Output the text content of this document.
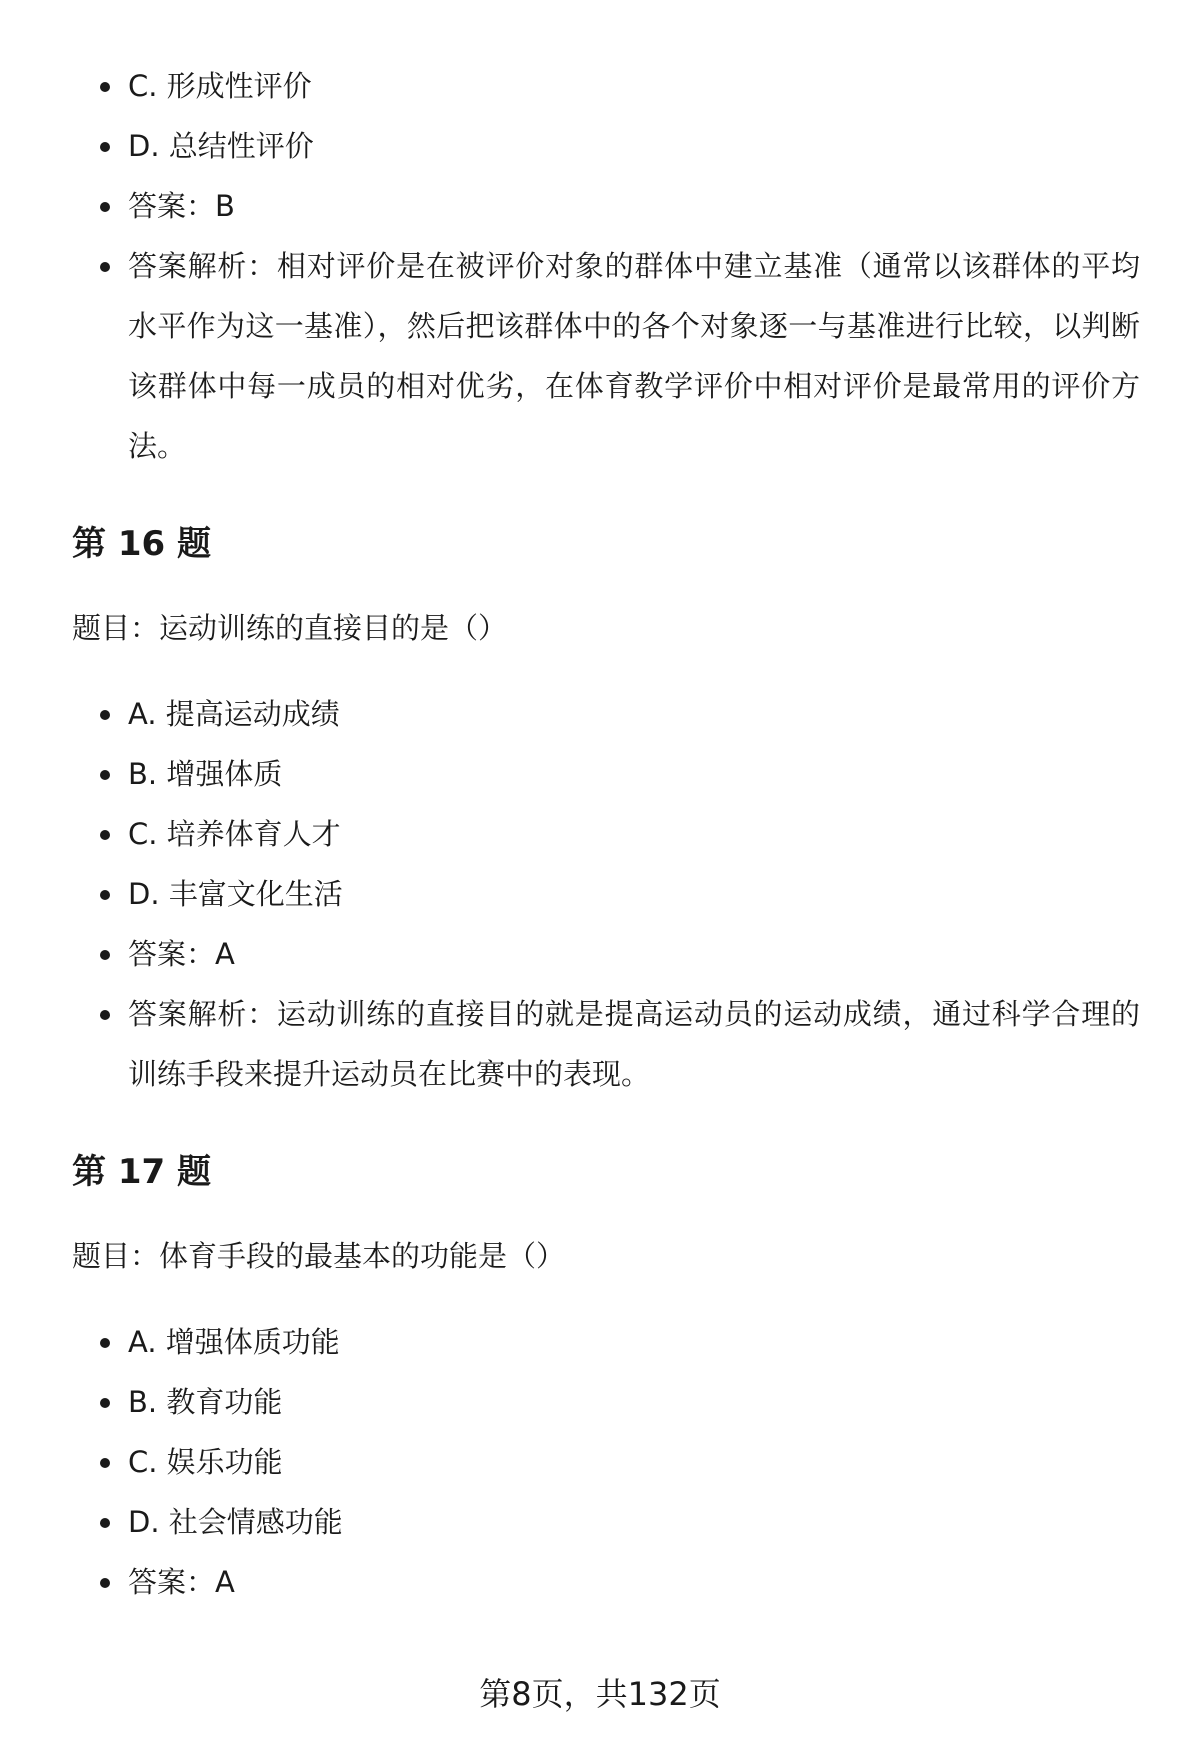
C. 形成性评价
D. 总结性评价
答案：B
答案解析：相对评价是在被评价对象的群体中建立基准（通常以该群体的平均水平作为这一基准），然后把该群体中的各个对象逐一与基准进行比较，以判断该群体中每一成员的相对优劣，在体育教学评价中相对评价是最常用的评价方法。
第 16 题

题目：运动训练的直接目的是（）

A. 提高运动成绩
B. 增强体质
C. 培养体育人才
D. 丰富文化生活
答案：A
答案解析：运动训练的直接目的就是提高运动员的运动成绩，通过科学合理的训练手段来提升运动员在比赛中的表现。
第 17 题

题目：体育手段的最基本的功能是（）

A. 增强体质功能
B. 教育功能
C. 娱乐功能
D. 社会情感功能
答案：A
第8页，共132页
